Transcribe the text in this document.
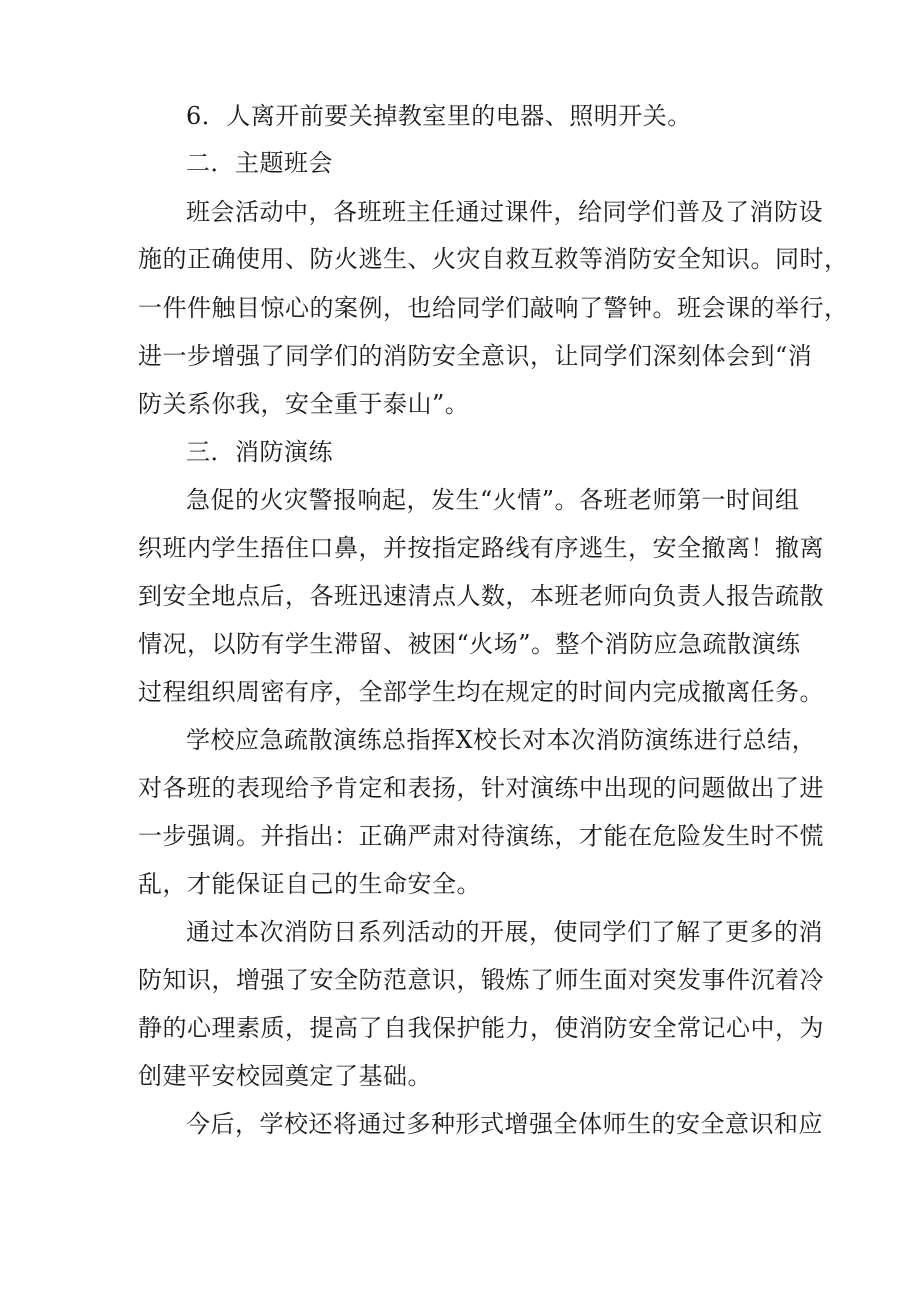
6．人离开前要关掉教室里的电器、照明开关。
二．主题班会
班会活动中，各班班主任通过课件，给同学们普及了消防设
施的正确使用、防火逃生、火灾自救互救等消防安全知识。同时，
一件件触目惊心的案例，也给同学们敲响了警钟。班会课的举行，
进一步增强了同学们的消防安全意识，让同学们深刻体会到“消
防关系你我，安全重于泰山”。
三．消防演练
急促的火灾警报响起，发生“火情”。各班老师第一时间组
织班内学生捂住口鼻，并按指定路线有序逃生，安全撤离！撤离
到安全地点后，各班迅速清点人数，本班老师向负责人报告疏散
情况，以防有学生滞留、被困“火场”。整个消防应急疏散演练
过程组织周密有序，全部学生均在规定的时间内完成撤离任务。
学校应急疏散演练总指挥X校长对本次消防演练进行总结，
对各班的表现给予肯定和表扬，针对演练中出现的问题做出了进
一步强调。并指出：正确严肃对待演练，才能在危险发生时不慌
乱，才能保证自己的生命安全。
通过本次消防日系列活动的开展，使同学们了解了更多的消
防知识，增强了安全防范意识，锻炼了师生面对突发事件沉着冷
静的心理素质，提高了自我保护能力，使消防安全常记心中，为
创建平安校园奠定了基础。
今后，学校还将通过多种形式增强全体师生的安全意识和应
